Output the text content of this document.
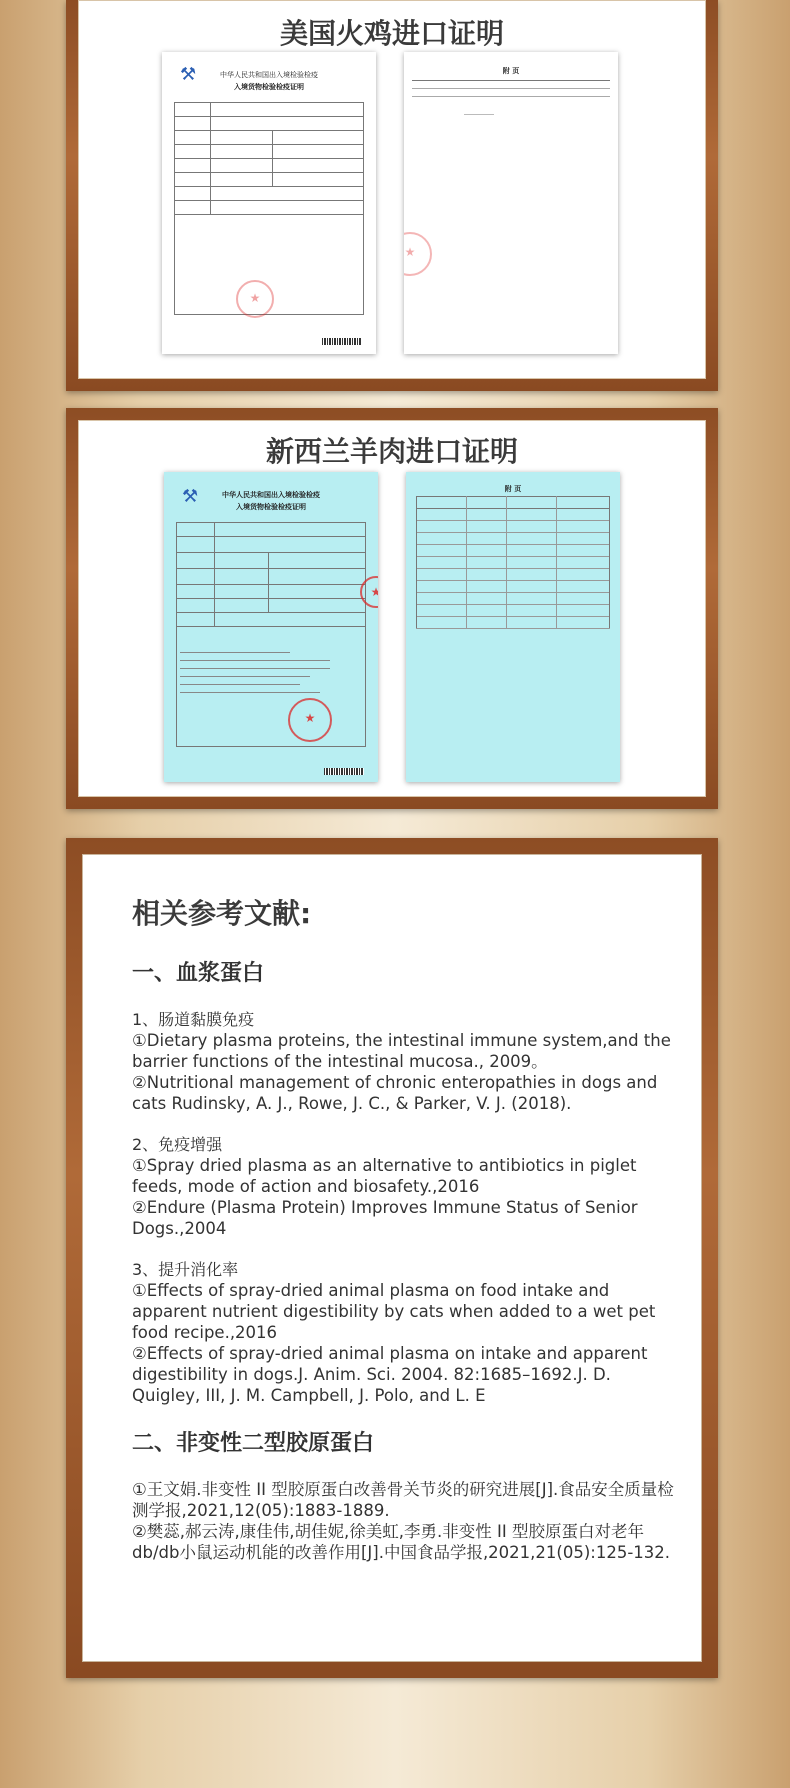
美国火鸡进口证明
⚒	中华人民共和国出入境检验检疫
入境货物检验检疫证明
★
附 页
★
新西兰羊肉进口证明
⚒	中华人民共和国出入境检验检疫
入境货物检验检疫证明
★
★
附 页
相关参考文献:
一、血浆蛋白

1、肠道黏膜免疫

①Dietary plasma proteins, the intestinal immune system,and the barrier functions of the intestinal mucosa., 2009。

②Nutritional management of chronic enteropathies in dogs and cats Rudinsky, A. J., Rowe, J. C., & Parker, V. J. (2018).

2、免疫增强

①Spray dried plasma as an alternative to antibiotics in piglet feeds, mode of action and biosafety.,2016

②Endure (Plasma Protein) Improves Immune Status of Senior Dogs.,2004

3、提升消化率

①Effects of spray-dried animal plasma on food intake and apparent nutrient digestibility by cats when added to a wet pet food recipe.,2016

②Effects of spray-dried animal plasma on intake and apparent digestibility in dogs.J. Anim. Sci. 2004. 82:1685–1692.J. D. Quigley, III, J. M. Campbell, J. Polo, and L. E

二、非变性二型胶原蛋白

①王文娟.非变性 II 型胶原蛋白改善骨关节炎的研究进展[J].食品安全质量检测学报,2021,12(05):1883-1889.

②樊蕊,郝云涛,康佳伟,胡佳妮,徐美虹,李勇.非变性 II 型胶原蛋白对老年db/db小鼠运动机能的改善作用[J].中国食品学报,2021,21(05):125-132.
